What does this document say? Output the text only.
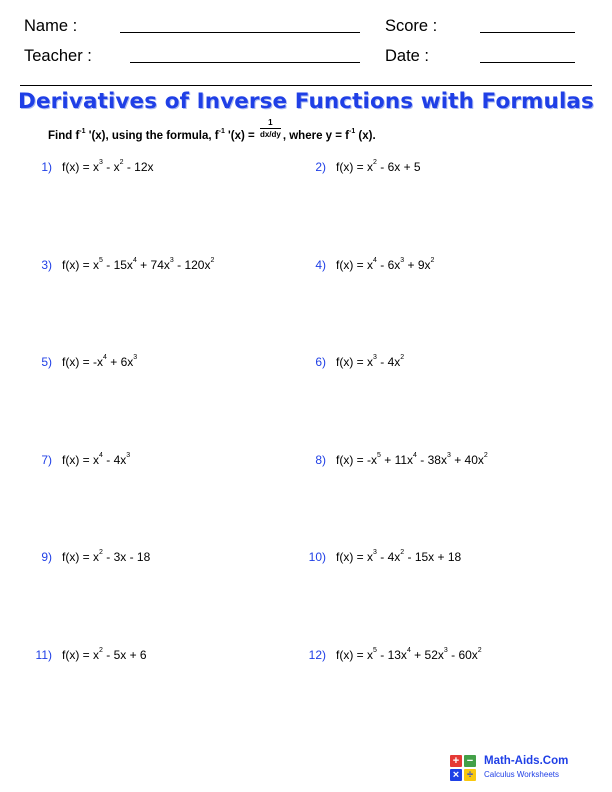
Name :	Score :
Teacher :	Date :
Derivatives of Inverse Functions with Formulas
Find $f^{-1}$ '(x), using the formula, $f^{-1}$ '$(x) = \frac{1}{dx/dy}$ , where $y = f^{-1}$ (x).
1) $f(x) = x^3 - x^2 - 12x$	2) $f(x) = x^2 - 6x + 5$
3) $f(x) = x^5 - 15x^4 + 74x^3 - 120x^2$	4) $f(x) = x^4 - 6x^3 + 9x^2$
5) $f(x) = -x^4 + 6x^3$	6) $f(x) = x^3 - 4x^2$
7) $f(x) = x^4 - 4x^3$	8) $f(x) = -x^5 + 11x^4 - 38x^3 + 40x^2$
9) $f(x) = x^2 - 3x - 18$	10) $f(x) = x^3 - 4x^2 - 15x + 18$
11) $f(x) = x^2 - 5x + 6$	12) $f(x) = x^5 - 13x^4 + 52x^3 - 60x^2$
+ −
× ÷
Math-Aids.Com
Calculus Worksheets
